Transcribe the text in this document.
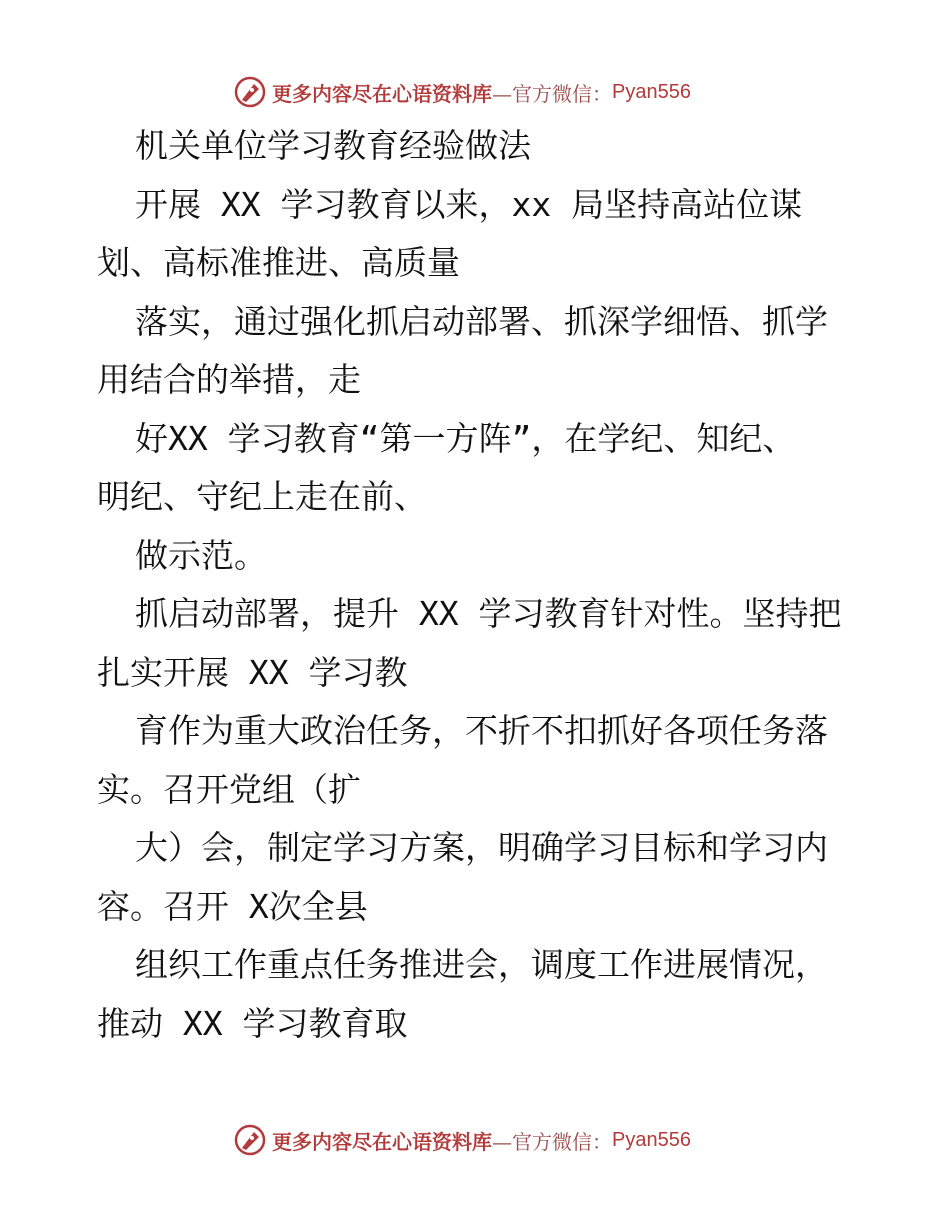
更多内容尽在心语资料库 —官方微信： Pyan556
机关单位学习教育经验做法
开展 XX 学习教育以来，xx 局坚持高站位谋
划、高标准推进、高质量
落实，通过强化抓启动部署、抓深学细悟、抓学
用结合的举措，走
好XX 学习教育“第一方阵”，在学纪、知纪、
明纪、守纪上走在前、
做示范。
抓启动部署，提升 XX 学习教育针对性。坚持把
扎实开展 XX 学习教
育作为重大政治任务，不折不扣抓好各项任务落
实。召开党组（扩
大）会，制定学习方案，明确学习目标和学习内
容。召开 X次全县
组织工作重点任务推进会，调度工作进展情况，
推动 XX 学习教育取
更多内容尽在心语资料库 —官方微信： Pyan556
